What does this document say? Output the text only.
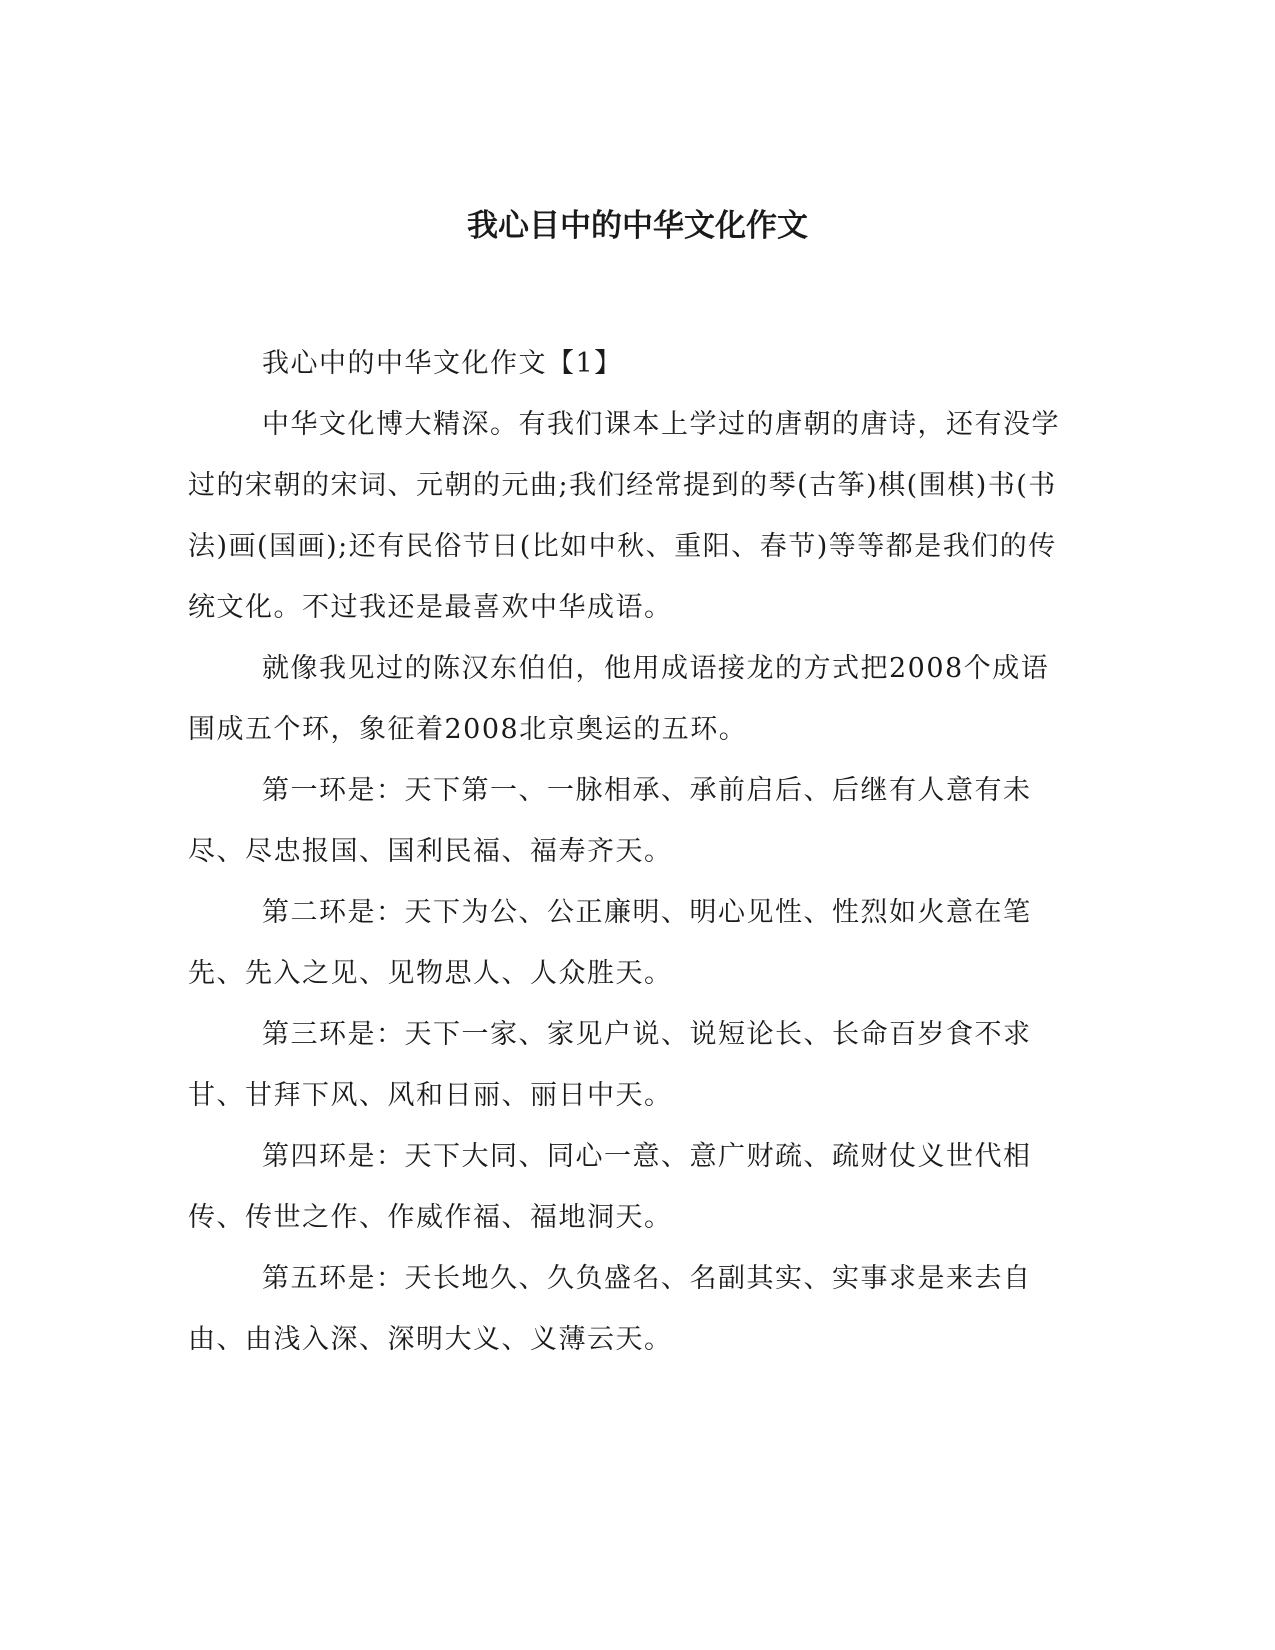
我心目中的中华文化作文

我心中的中华文化作文【1】

中华文化博大精深。有我们课本上学过的唐朝的唐诗，还有没学过的宋朝的宋词、元朝的元曲;我们经常提到的琴(古筝)棋(围棋)书(书法)画(国画);还有民俗节日(比如中秋、重阳、春节)等等都是我们的传统文化。不过我还是最喜欢中华成语。

就像我见过的陈汉东伯伯，他用成语接龙的方式把2008个成语围成五个环，象征着2008北京奥运的五环。

第一环是：天下第一、一脉相承、承前启后、后继有人意有未尽、尽忠报国、国利民福、福寿齐天。

第二环是：天下为公、公正廉明、明心见性、性烈如火意在笔先、先入之见、见物思人、人众胜天。

第三环是：天下一家、家见户说、说短论长、长命百岁食不求甘、甘拜下风、风和日丽、丽日中天。

第四环是：天下大同、同心一意、意广财疏、疏财仗义世代相传、传世之作、作威作福、福地洞天。

第五环是：天长地久、久负盛名、名副其实、实事求是来去自由、由浅入深、深明大义、义薄云天。
